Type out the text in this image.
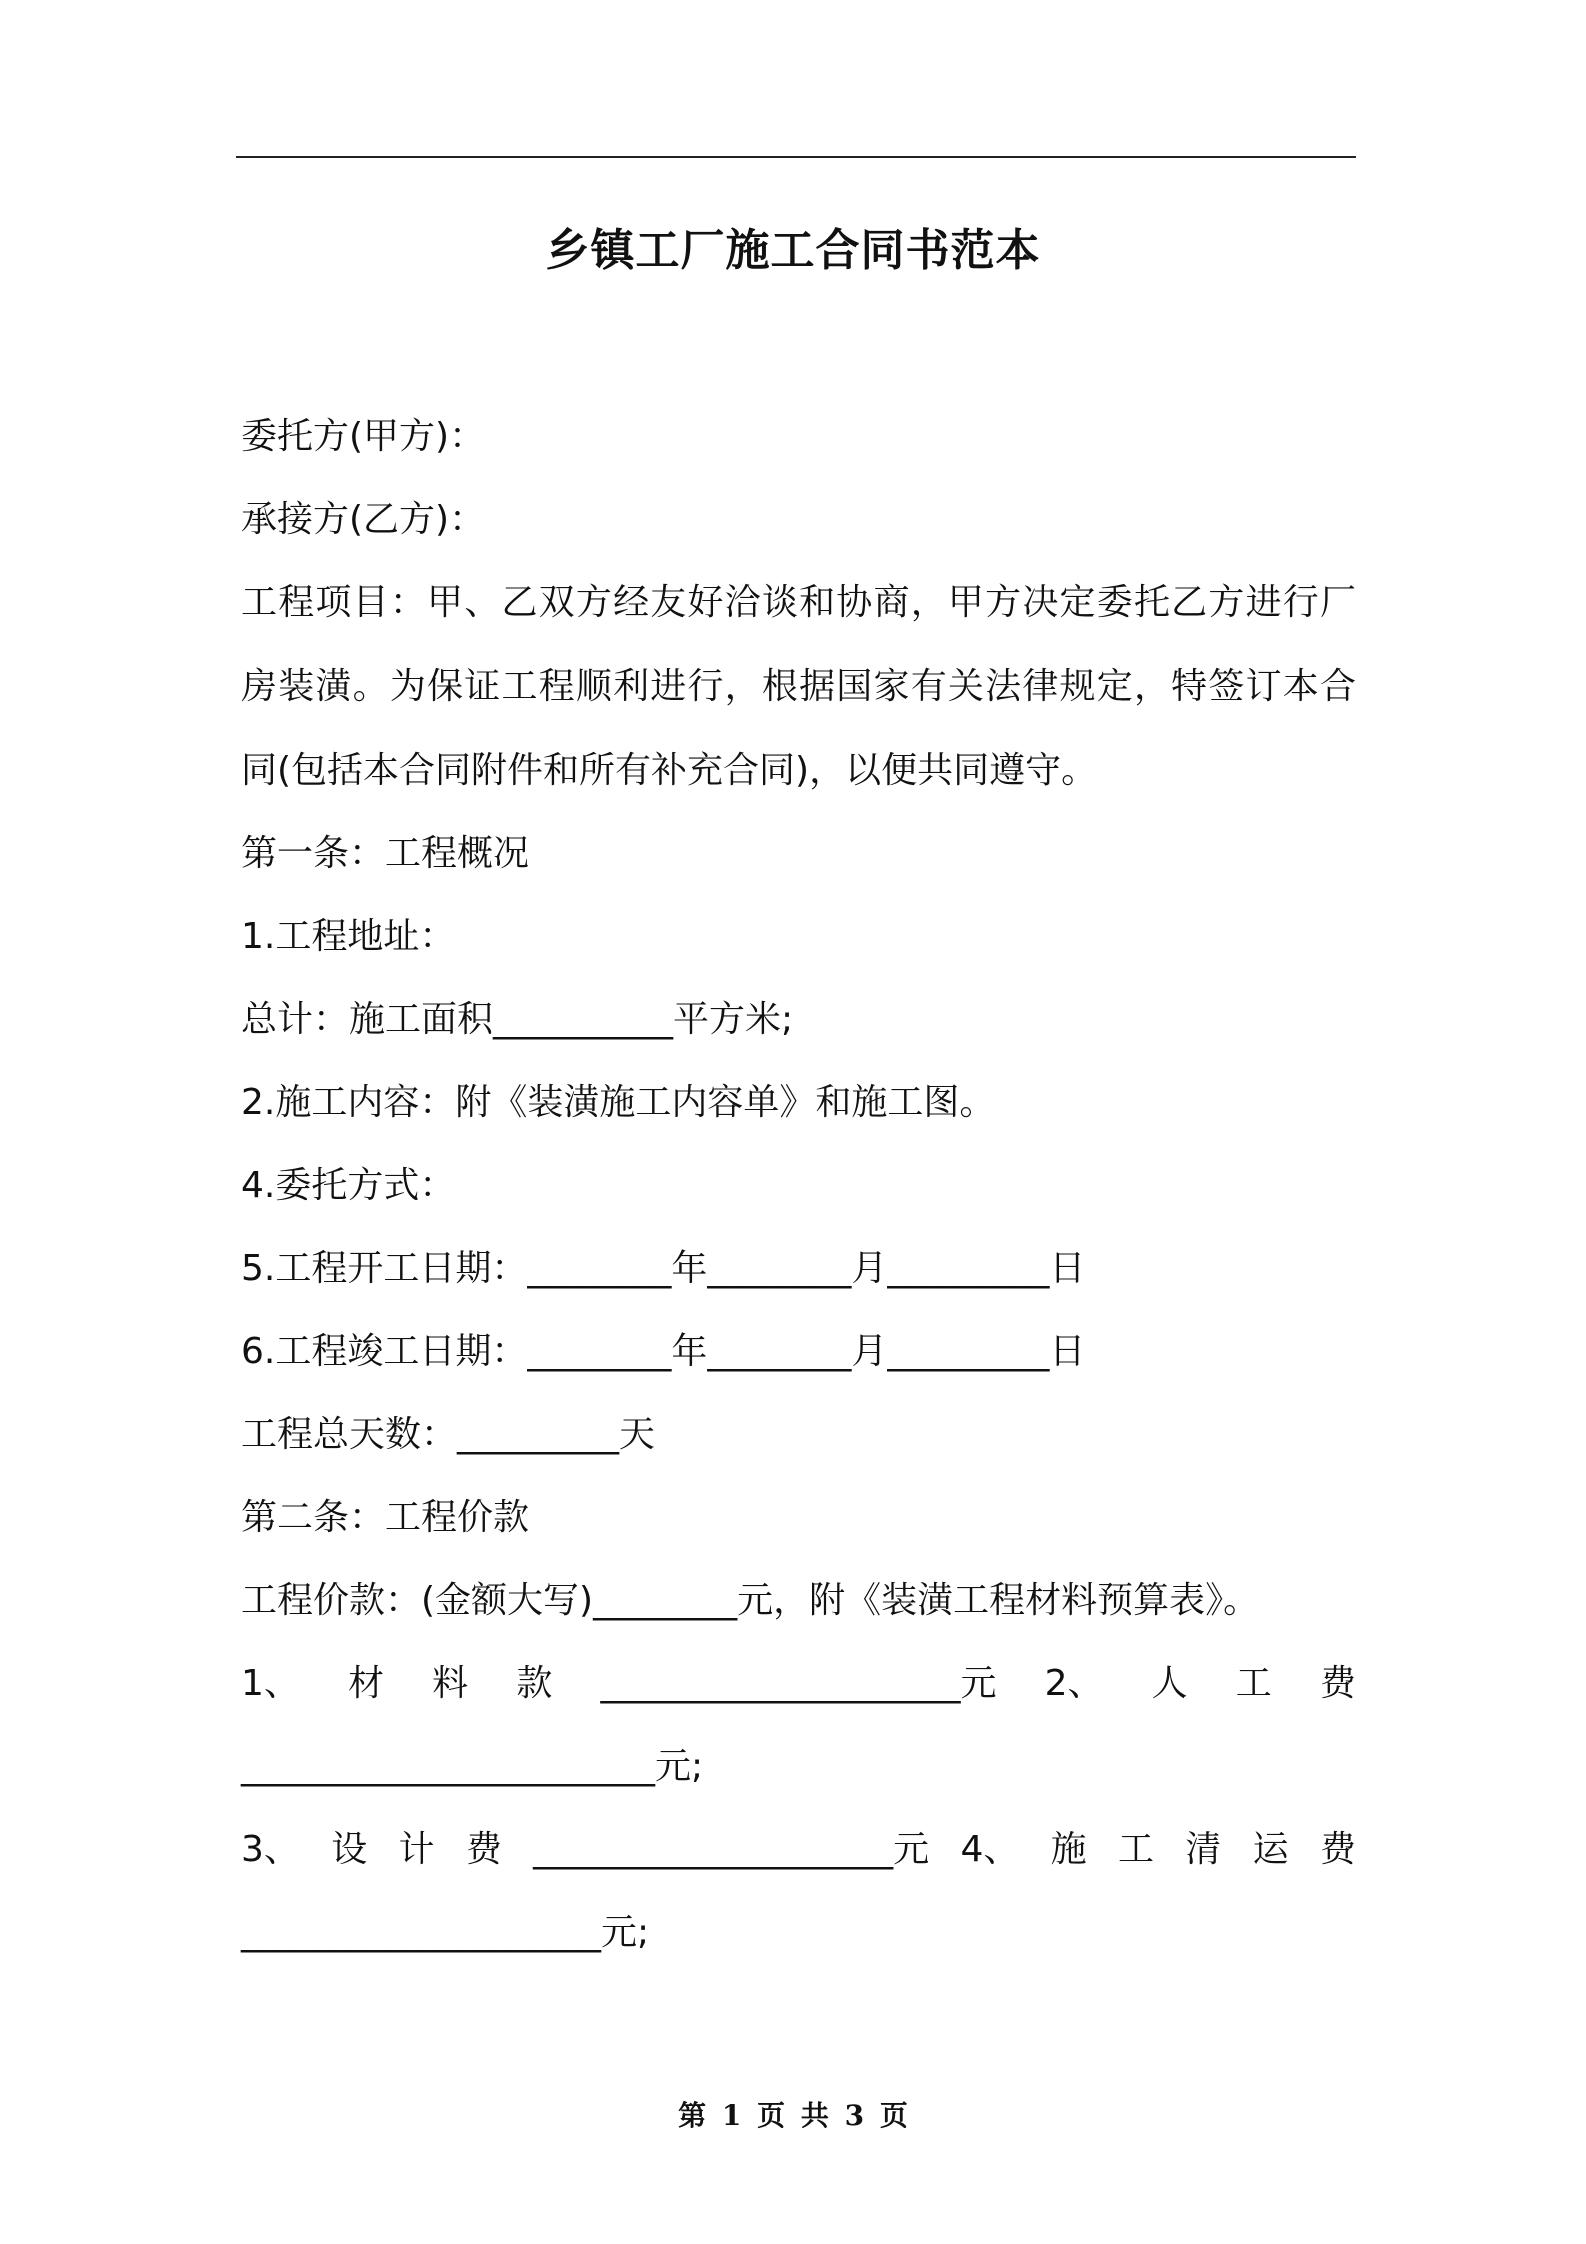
乡镇工厂施工合同书范本
委托方(甲方)：
承接方(乙方)：
工程项目：甲、乙双方经友好洽谈和协商，甲方决定委托乙方进行厂房装潢。为保证工程顺利进行，根据国家有关法律规定，特签订本合同(包括本合同附件和所有补充合同)，以便共同遵守。
第一条：工程概况
1.工程地址：
总计：施工面积__________平方米;
2.施工内容：附《装潢施工内容单》和施工图。
4.委托方式：
5.工程开工日期：________年________月_________日
6.工程竣工日期：________年________月_________日
工程总天数：_________天
第二条：工程价款
工程价款：(金额大写)________元，附《装潢工程材料预算表》。
1、 材 料 款 ____________________元 2、 人 工 费
_______________________元;
3、 设 计 费 ____________________元 4、 施 工 清 运 费
____________________元;
第 1 页 共 3 页
